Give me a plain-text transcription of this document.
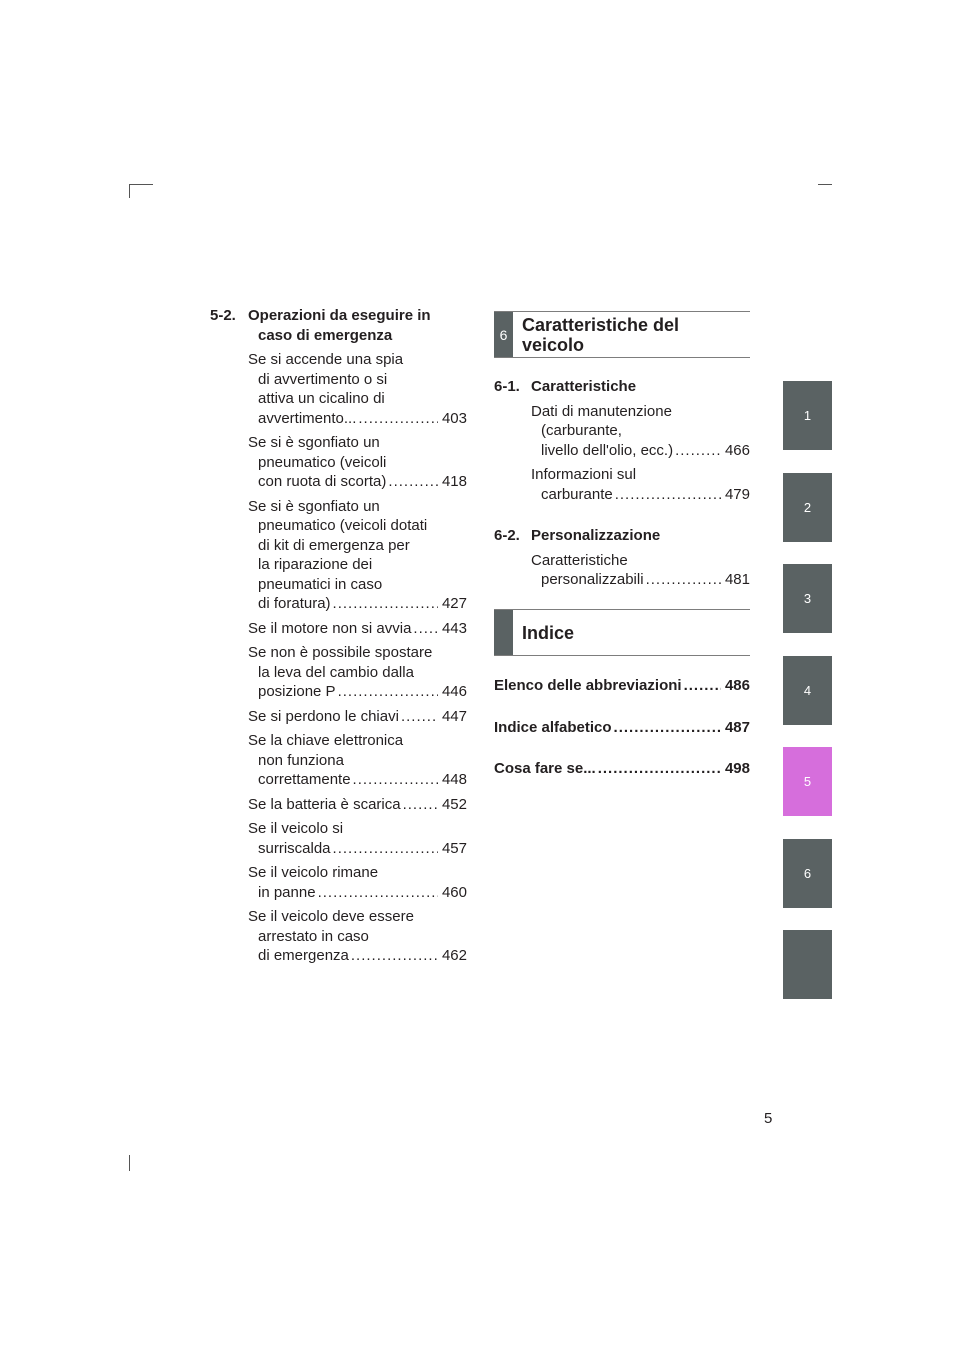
5-2. Operazioni da eseguire in
caso di emergenza
Se si accende una spia
di avvertimento o si
attiva un cicalino di
avvertimento... .....	403
Se si è sgonfiato un
pneumatico (veicoli
con ruota di scorta) .....	418
Se si è sgonfiato un
pneumatico (veicoli dotati
di kit di emergenza per
la riparazione dei
pneumatici in caso
di foratura) .....	427
Se il motore non si avvia ..... 443
Se non è possibile spostare
la leva del cambio dalla
posizione P .....	446
Se si perdono le chiavi .....	447
Se la chiave elettronica
non funziona
correttamente .....	448
Se la batteria è scarica .....	452
Se il veicolo si
surriscalda .....	457
Se il veicolo rimane
in panne .....	460
Se il veicolo deve essere
arrestato in caso
di emergenza .....	462
6 Caratteristiche del
veicolo
6-1. Caratteristiche
Dati di manutenzione
(carburante,
livello dell'olio, ecc.) .....	466
Informazioni sul
carburante .....	479
6-2. Personalizzazione
Caratteristiche
personalizzabili .....	481
Indice
Elenco delle abbreviazioni .....	486
Indice alfabetico .....	487
Cosa fare se... .....	498
1
2
3
4
5
6
5
